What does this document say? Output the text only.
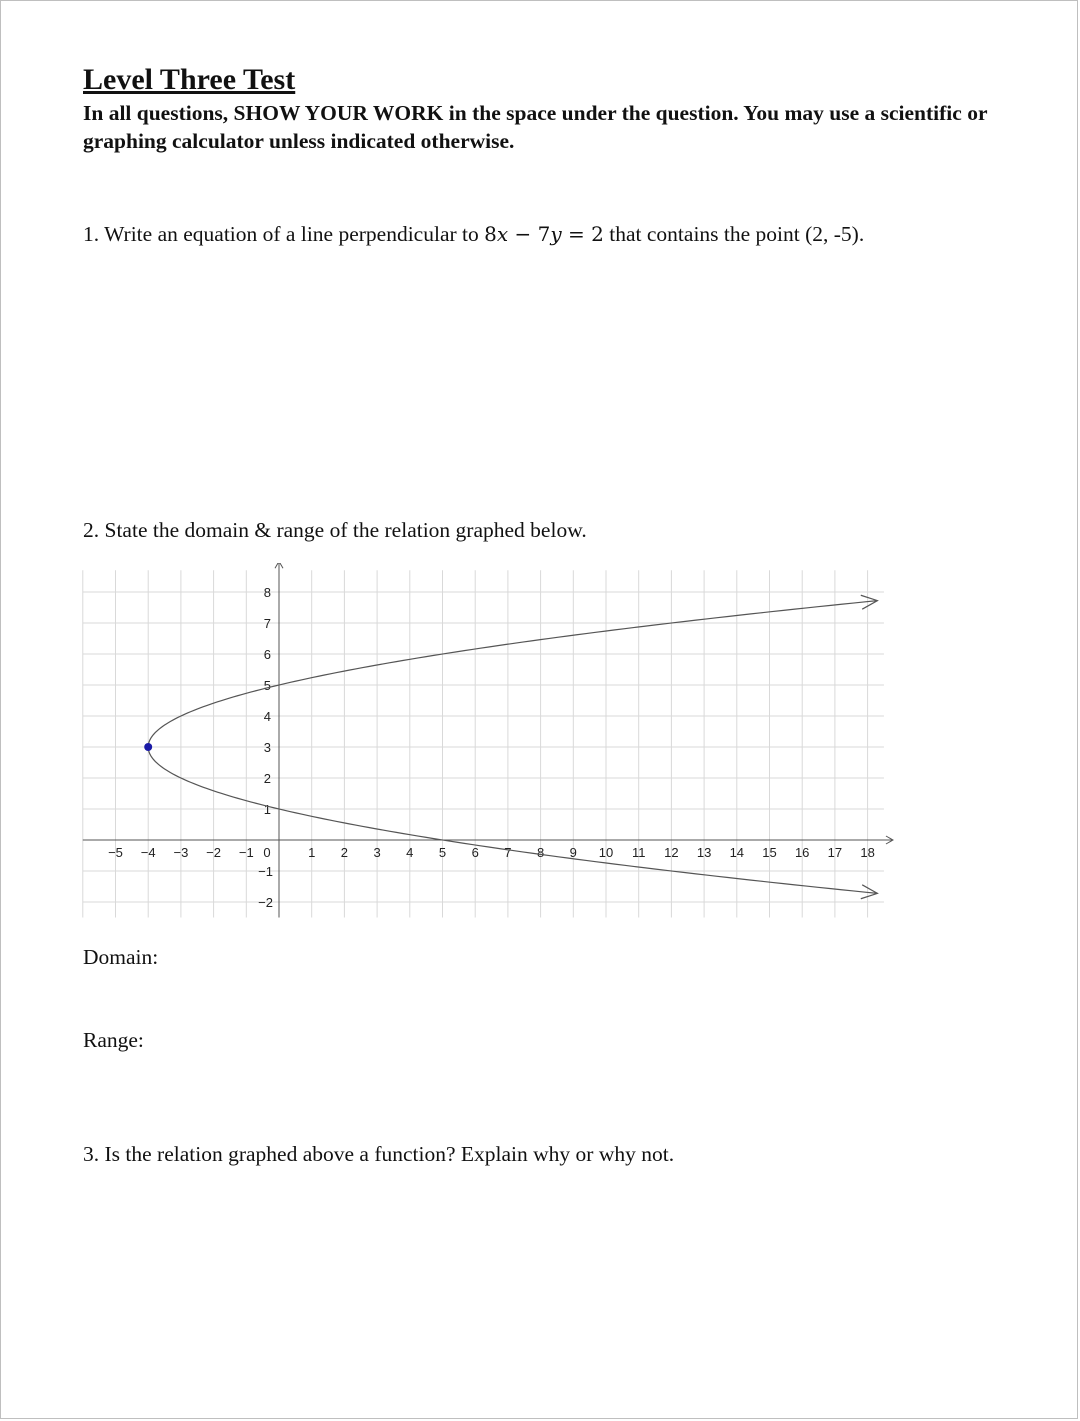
Level Three Test

In all questions, SHOW YOUR WORK in the space under the question. You may use a scientific or graphing calculator unless indicated otherwise.

1. Write an equation of a line perpendicular to 8x − 7y = 2 that contains the point (2, -5).

2. State the domain & range of the relation graphed below.

−5 −4 −3 −2 −1 0	1 2 3 4 5 6 7 8 9 10 11 12 13 14 15 16 17 18
8
7
6
5
4
3
2
1
−1
−2

Domain:

Range:

3. Is the relation graphed above a function? Explain why or why not.
